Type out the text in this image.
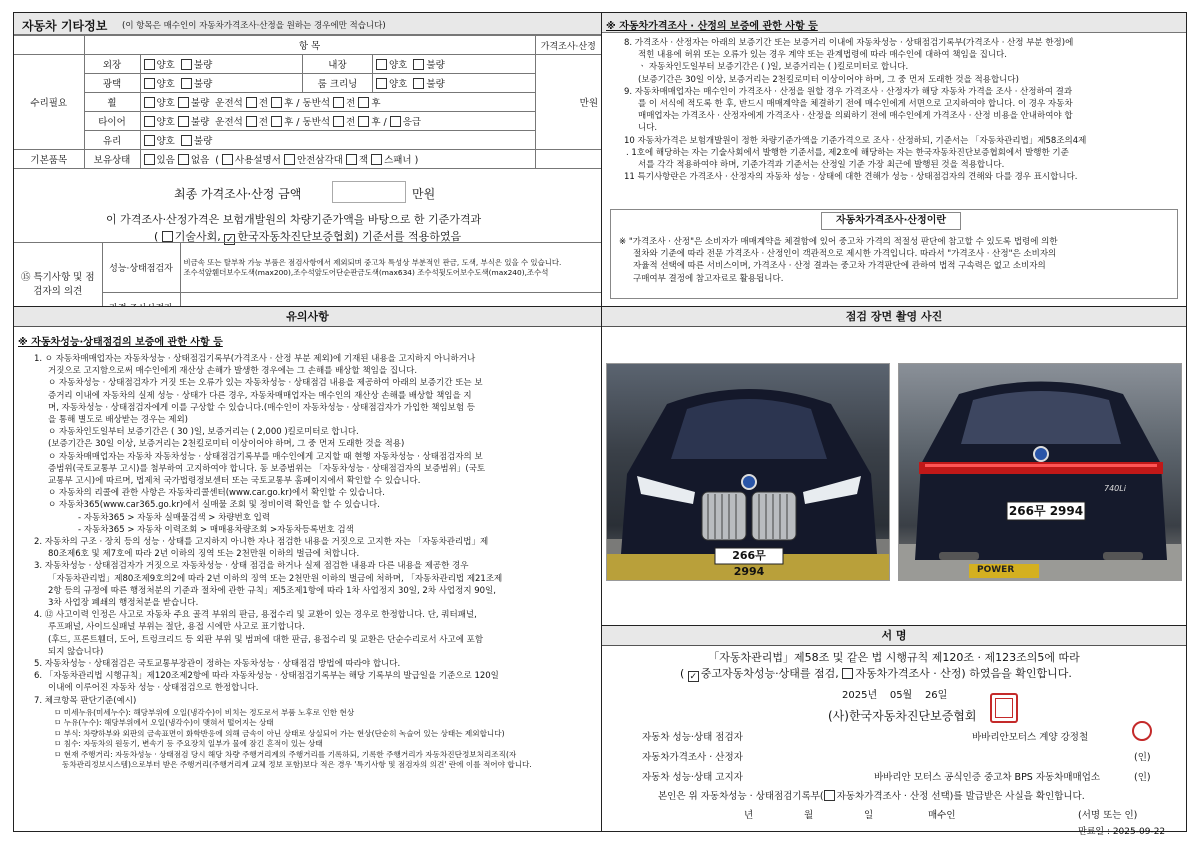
자동차 기타정보 (이 항목은 매수인이 자동차가격조사·산정을 원하는 경우에만 적습니다)
	항 목				가격조사·산정
수리필요	외장	양호 불량	내장	양호 불량	만원
	광택	양호 불량	룸 크리닝	양호 불량	
	휠	양호 불량 운전석 전 후 / 동반석 전 후			
	타이어	양호 불량 운전석 전 후 / 동반석 전 후 / 응급			
	유리	양호 불량			
기본품목	보유상태	있음 없음  ( 사용설명서 안전삼각대 잭 스패너 )			
최종 가격조사·산정 금액	만원
이 가격조사·산정가격은 보험개발원의 차량기준가액을 바탕으로 한 기준가격과
( 기술사회, ✓ 한국자동차진단보증협회) 기준서를 적용하였음
⑮ 특기사항 및 점검자의 의견	성능·상태점검자	비금속 또는 탈부착 가능 부품은 점검사항에서 제외되며 중고차 특성상 부분적인 판금, 도색, 부식은 있을 수 있습니다.
조수석앞휀더보수도색(max200),조수석앞도어단순판금도색(max634) 조수석뒷도어보수도색(max240),조수석

유의사항
※ 자동차성능·상태점검의 보증에 관한 사항 등
1. ㅇ 자동차매매업자는 자동차성능 · 상태점검기록부(가격조사 · 산정 부분 제외)에 기재된 내용을 고지하지 아니하거나
거짓으로 고지함으로써 매수인에게 재산상 손해가 발생한 경우에는 그 손해를 배상할 책임을 집니다.
ㅇ 자동차성능 · 상태점검자가 거짓 또는 오류가 있는 자동차성능 · 상태점검 내용을 제공하여 아래의 보증기간 또는 보
증거리 이내에 자동차의 실제 성능 · 상태가 다른 경우, 자동차매매업자는 매수인의 재산상 손해를 배상할 책임을 지
며, 자동차성능 · 상태점검자에게 이를 구상할 수 있습니다.(매수인이 자동차성능 · 상태점검자가 가입한 책임보험 등
을 통해 별도로 배상받는 경우는 제외)
ㅇ 자동차인도일부터 보증기간은 ( 30 )일, 보증거리는 ( 2,000 )킬로미터로 합니다.
(보증기간은 30일 이상, 보증거리는 2천킬로미터 이상이어야 하며, 그 중 먼저 도래한 것을 적용)
ㅇ 자동차매매업자는 자동차 자동차성능 · 상태점검기록부를 매수인에게 고지할 때 현행 자동차성능 · 상태점검자의 보
증범위(국토교통부 고시)를 첨부하여 고지하여야 합니다. 동 보증범위는 「자동차성능 · 상태점검자의 보증범위」(국토
교통부 고시)에 따르며, 법제처 국가법령정보센터 또는 국토교통부 홈페이지에서 확인할 수 있습니다.
ㅇ 자동차의 리콜에 관한 사항은 자동차리콜센터(www.car.go.kr)에서 확인할 수 있습니다.
ㅇ 자동차365(www.car365.go.kr)에서 실매물 조회 및 정비이력 확인을 할 수 있습니다.
- 자동차365 > 자동차 실매물검색 > 차량번호 입력
- 자동차365 > 자동차 이력조회 > 매매용차량조회 >자동차등록번호 검색
2. 자동차의 구조 · 장치 등의 성능 · 상태를 고지하지 아니한 자나 점검한 내용을 거짓으로 고지한 자는 「자동차관리법」제
80조제6호 및 제7호에 따라 2년 이하의 징역 또는 2천만원 이하의 벌금에 처합니다.
3. 자동차성능 · 상태점검자가 거짓으로 자동차성능 · 상태 점검을 하거나 실제 점검한 내용과 다른 내용을 제공한 경우
「자동차관리법」제80조제9호의2에 따라 2년 이하의 징역 또는 2천만원 이하의 벌금에 처하며, 「자동차관리법 제21조제
2항 등의 규정에 따른 행정처분의 기준과 절차에 관한 규칙」제5조제1항에 따라 1차 사업정지 30일, 2차 사업정지 90일,
3차 사업장 폐쇄의 행정처분을 받습니다.
4. ⑫ 사고이력 인정은 사고로 자동차 주요 골격 부위의 판금, 용접수리 및 교환이 있는 경우로 한정합니다. 단, 쿼터패널,
루프패널, 사이드실패널 부위는 절단, 용접 시에만 사고로 표기합니다.
(후드, 프론트휀더, 도어, 트렁크리드 등 외판 부위 및 범퍼에 대한 판금, 용접수리 및 교환은 단순수리로서 사고에 포함
되지 않습니다)
5. 자동차성능 · 상태점검은 국토교통부장관이 정하는 자동차성능 · 상태점검 방법에 따라야 합니다.
6. 「자동차관리법 시행규칙」제120조제2항에 따라 자동차성능 · 상태점검기록부는 해당 기록부의 발급일을 기준으로 120일
이내에 이루어진 자동차 성능 · 상태점검으로 한정합니다.
7. 체크항목 판단기준(예시)
ㅁ 미세누유(미세누수): 해당부위에 오일(냉각수)이 비치는 정도로서 부품 노후로 인한 현상
ㅁ 누유(누수): 해당부위에서 오일(냉각수)이 맺혀서 떨어지는 상태
ㅁ 부식: 차량하부와 외판의 금속표면이 화학반응에 의해 금속이 아닌 상태로 상실되어 가는 현상(단순히 녹슬어 있는 상태는 제외합니다)
ㅁ 침수: 자동차의 원동기, 변속기 등 주요장치 일부가 물에 잠긴 흔적이 있는 상태
ㅁ 현재 주행거리: 자동차성능 · 상태점검 당시 해당 차량 주행거리계의 주행거리를 기록하되, 기록한 주행거리가 자동차진단정보처리조직(자
동차관리정보시스템)으로부터 받은 주행거리(주행거리계 교체 정보 포함)보다 적은 경우 '특기사항 및 점검자의 의견' 란에 이를 적어야 합니다.
※ 자동차가격조사 · 산정의 보증에 관한 사항 등
8. 가격조사 · 산정자는 아래의 보증기간 또는 보증거리 이내에 자동차성능 · 상태점검기록부(가격조사 · 산정 부분 한정)에
적힌 내용에 허위 또는 오류가 있는 경우 계약 또는 관계법령에 따라 매수인에 대하여 책임을 집니다.
ㆍ 자동차인도일부터 보증기간은 ( )일, 보증거리는 ( )킬로미터로 합니다.
(보증기간은 30일 이상, 보증거리는 2천킬로미터 이상이어야 하며, 그 중 먼저 도래한 것을 적용합니다)
9. 자동차매매업자는 매수인이 가격조사 · 산정을 원할 경우 가격조사 · 산정자가 해당 자동차 가격을 조사 · 산정하여 결과
를 이 서식에 적도록 한 후, 반드시 매매계약을 체결하기 전에 매수인에게 서면으로 고지하여야 합니다. 이 경우 자동차
매매업자는 가격조사 · 산정자에게 가격조사 · 산정을 의뢰하기 전에 매수인에게 가격조사 · 산정 비용을 안내하여야 합
니다.
10 자동차가격은 보험개발원이 정한 차량기준가액을 기준가격으로 조사 · 산정하되, 기준서는 「자동차관리법」제58조의4제
. 1호에 해당하는 자는 기술사회에서 발행한 기준서를, 제2호에 해당하는 자는 한국자동차진단보증협회에서 발행한 기준
서를 각각 적용하여야 하며, 기준가격과 기준서는 산정일 기준 가장 최근에 발행된 것을 적용합니다.
11 특기사항란은 가격조사 · 산정자의 자동차 성능 · 상태에 대한 견해가 성능 · 상태점검자의 견해와 다를 경우 표시합니다.
자동차가격조사·산정이란
※ "가격조사 · 산정"은 소비자가 매매계약을 체결함에 있어 중고차 가격의 적절성 판단에 참고할 수 있도록 법령에 의한
절차와 기준에 따라 전문 가격조사 · 산정인이 객관적으로 제시한 가격입니다. 따라서 "가격조사 · 산정"은 소비자의
자율적 선택에 따른 서비스이며, 가격조사 · 산정 결과는 중고차 가격판단에 관하여 법적 구속력은 없고 소비자의
구매여부 결정에 참고자료로 활용됩니다.
점검 장면 촬영 사진
266무 2994
266무 2994
740Li
POWER
서 명
「자동차관리법」제58조 및 같은 법 시행규칙 제120조 · 제123조의5에 따라
( ✓ 중고자동차성능·상태를 점검, 자동차가격조사 · 산정) 하였음을 확인합니다.
2025년 05월 26일
(사)한국자동차진단보증협회
자동차 성능·상태 점검자	바바리안모터스 계양 강정철
자동차가격조사 · 산정자	(인)
자동차 성능·상태 고지자	바바리안 모터스 공식인증 중고차 BPS 자동차매매업소	(인)
본인은 위 자동차성능 · 상태점검기록부( 자동차가격조사 · 산정 선택)를 발급받은 사실을 확인합니다.
년	월	일	매수인	(서명 또는 인)
만료일 : 2025-09-22
